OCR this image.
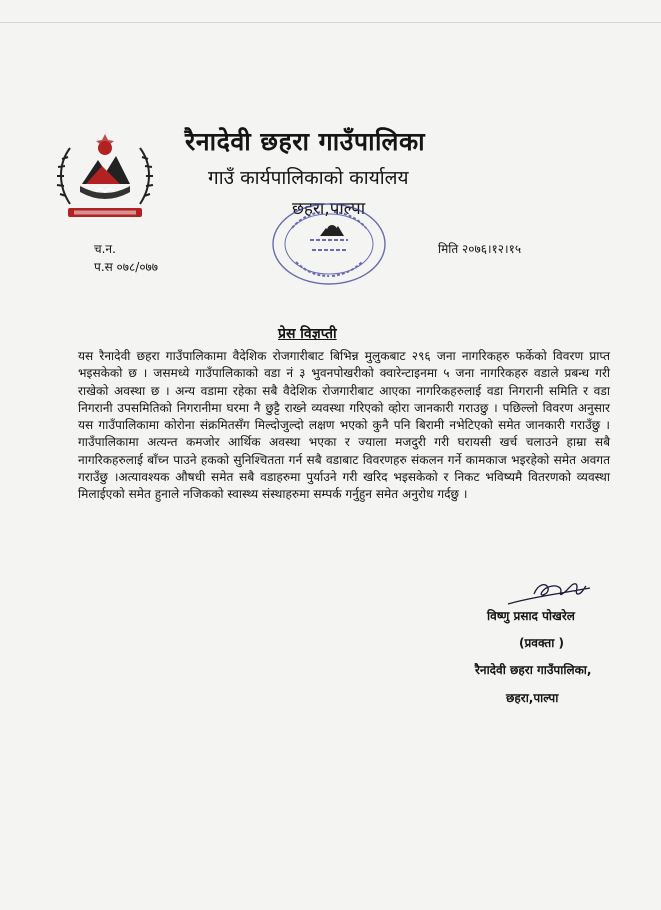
रैनादेवी छहरा गाउँपालिका
गाउँ कार्यपालिकाको कार्यालय
छहरा,पाल्पा
च.न.
प.स ०७८/०७७
मिति २०७६।१२।१५
प्रेस विज्ञप्ती
यस रैनादेवी छहरा गाउँपालिकामा वैदेशिक रोजगारीबाट बिभिन्न मुलुकबाट २९६ जना नागरिकहरु फर्केको विवरण प्राप्त भइसकेको छ । जसमध्ये गाउँपालिकाको वडा नं ३ भुवनपोखरीको क्वारेन्टाइनमा ५ जना नागरिकहरु वडाले प्रबन्ध गरी राखेको अवस्था छ । अन्य वडामा रहेका सबै वैदेशिक रोजगारीबाट आएका नागरिकहरुलाई वडा निगरानी समिति र वडा निगरानी उपसमितिको निगरानीमा घरमा नै छुट्टै राख्ने व्यवस्था गरिएको व्होरा जानकारी गराउछु । पछिल्लो विवरण अनुसार यस गाउँपालिकामा कोरोना संक्रमितसँग मिल्दोजुल्दो लक्षण भएको कुनै पनि बिरामी नभेटिएको समेत जानकारी गराउँछु । गाउँपालिकामा अत्यन्त कमजोर आर्थिक अवस्था भएका र ज्याला मजदुरी गरी घरायसी खर्च चलाउने हाम्रा सबै नागरिकहरुलाई बाँच्न पाउने हकको सुनिश्चितता गर्न सबै वडाबाट विवरणहरु संकलन गर्ने कामकाज भइरहेको समेत अवगत गराउँछु ।अत्यावश्यक औषधी समेत सबै वडाहरुमा पुर्याउने गरी खरिद भइसकेको र निकट भविष्यमै वितरणको व्यवस्था मिलाईएको समेत हुनाले नजिकको स्वास्थ्य संस्थाहरुमा सम्पर्क गर्नुहुन समेत अनुरोध गर्दछु ।
विष्णु प्रसाद पोखरेल
(प्रवक्ता )
रैनादेवी छहरा गाउँपालिका,
छहरा,पाल्पा
